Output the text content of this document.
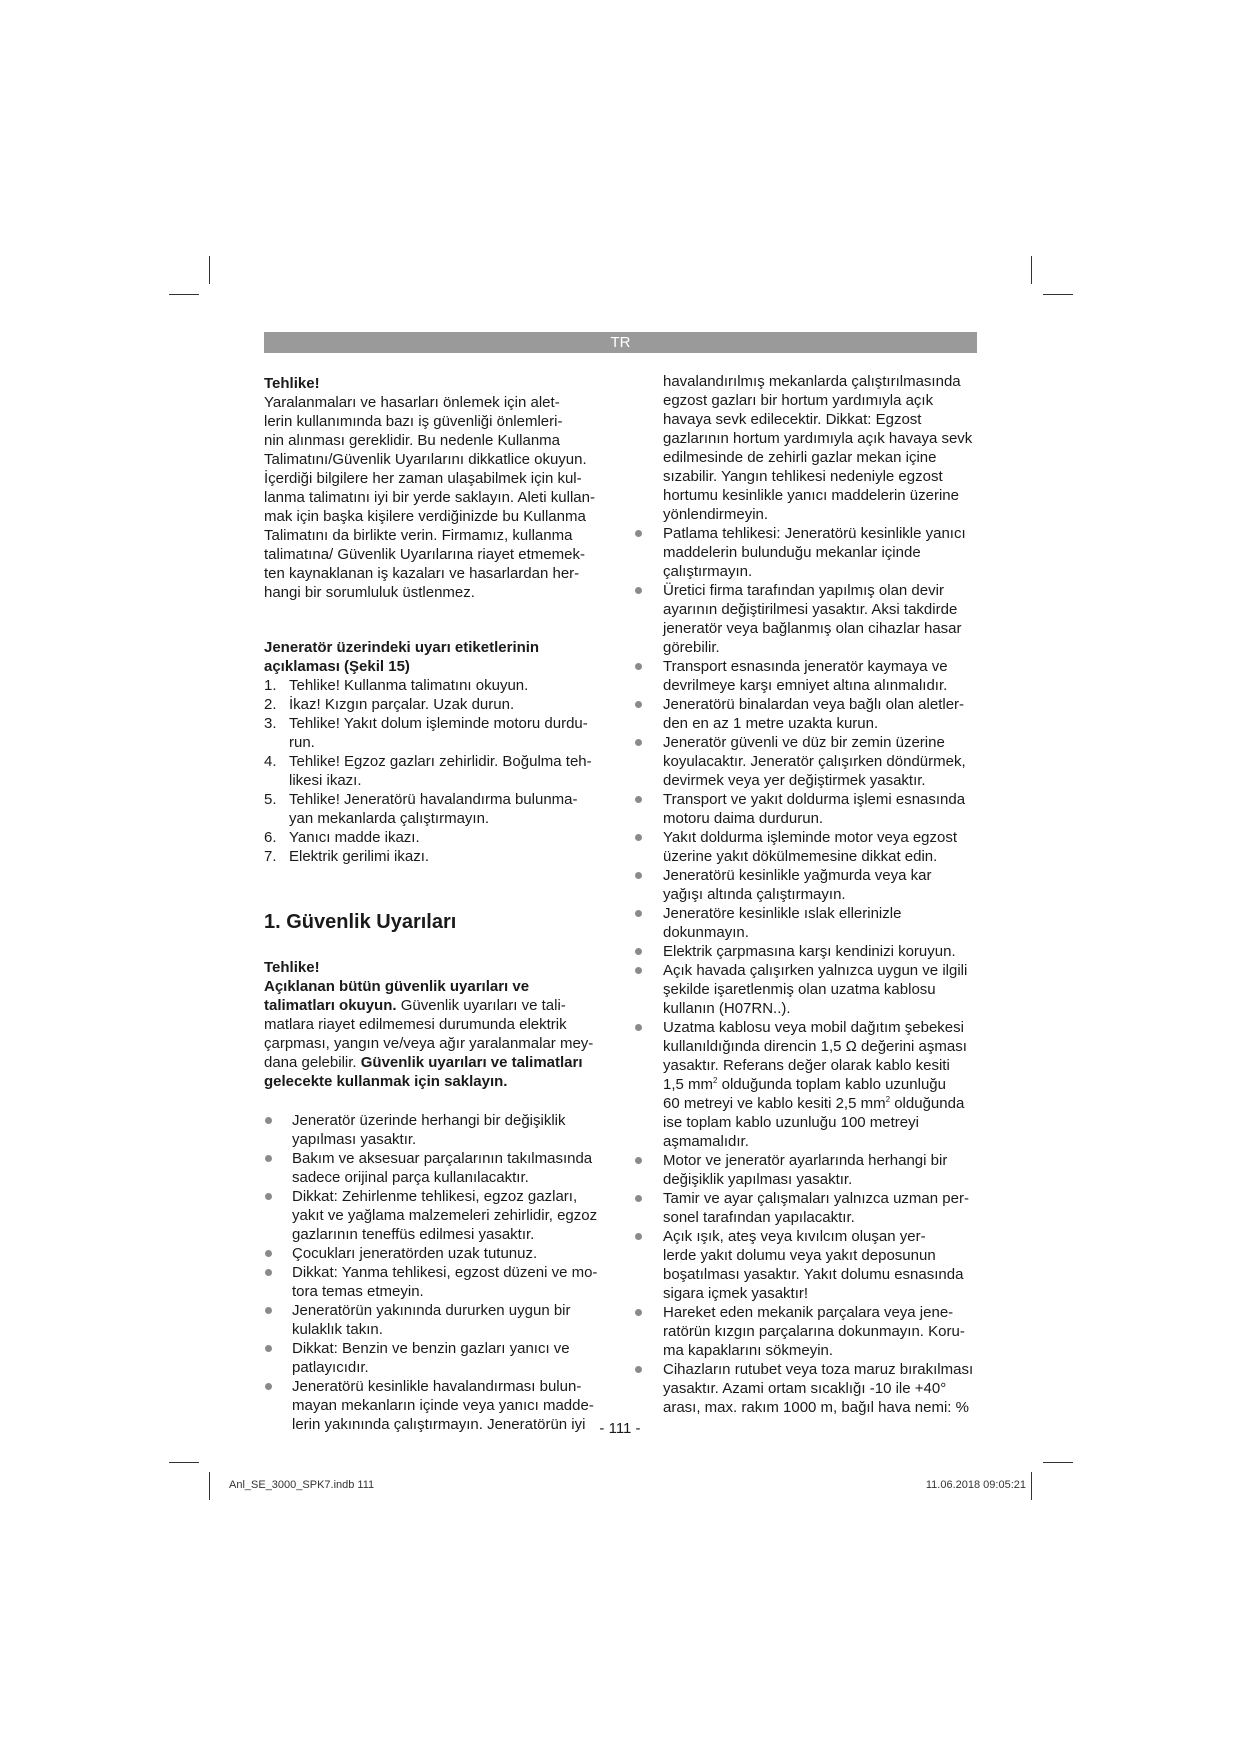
TR

Tehlike!

Yaralanmaları ve hasarları önlemek için alet-
lerin kullanımında bazı iş güvenliği önlemleri-
nin alınması gereklidir. Bu nedenle Kullanma
Talimatını/Güvenlik Uyarılarını dikkatlice okuyun.
İçerdiği bilgilere her zaman ulaşabilmek için kul-
lanma talimatını iyi bir yerde saklayın. Aleti kullan-
mak için başka kişilere verdiğinizde bu Kullanma
Talimatını da birlikte verin. Firmamız, kullanma
talimatına/ Güvenlik Uyarılarına riayet etmemek-
ten kaynaklanan iş kazaları ve hasarlardan her-
hangi bir sorumluluk üstlenmez.
Jeneratör üzerindeki uyarı etiketlerinin
açıklaması (Şekil 15)
1. Tehlike! Kullanma talimatını okuyun.
2. İkaz! Kızgın parçalar. Uzak durun.
3. Tehlike! Yakıt dolum işleminde motoru durdu-
run.
4. Tehlike! Egzoz gazları zehirlidir. Boğulma teh-
likesi ikazı.
5. Tehlike! Jeneratörü havalandırma bulunma-
yan mekanlarda çalıştırmayın.
6. Yanıcı madde ikazı.
7. Elektrik gerilimi ikazı.
1. Güvenlik Uyarıları

Tehlike!

Açıklanan bütün güvenlik uyarıları ve
talimatları okuyun. Güvenlik uyarıları ve tali-
matlara riayet edilmemesi durumunda elektrik
çarpması, yangın ve/veya ağır yaralanmalar mey-
dana gelebilir. Güvenlik uyarıları ve talimatları
gelecekte kullanmak için saklayın.
Jeneratör üzerinde herhangi bir değişiklik
yapılması yasaktır.
Bakım ve aksesuar parçalarının takılmasında
sadece orijinal parça kullanılacaktır.
Dikkat: Zehirlenme tehlikesi, egzoz gazları,
yakıt ve yağlama malzemeleri zehirlidir, egzoz
gazlarının teneffüs edilmesi yasaktır.
Çocukları jeneratörden uzak tutunuz.
Dikkat: Yanma tehlikesi, egzost düzeni ve mo-
tora temas etmeyin.
Jeneratörün yakınında dururken uygun bir
kulaklık takın.
Dikkat: Benzin ve benzin gazları yanıcı ve
patlayıcıdır.
Jeneratörü kesinlikle havalandırması bulun-
mayan mekanların içinde veya yanıcı madde-
lerin yakınında çalıştırmayın. Jeneratörün iyi
havalandırılmış mekanlarda çalıştırılmasında
egzost gazları bir hortum yardımıyla açık
havaya sevk edilecektir. Dikkat: Egzost
gazlarının hortum yardımıyla açık havaya sevk
edilmesinde de zehirli gazlar mekan içine
sızabilir. Yangın tehlikesi nedeniyle egzost
hortumu kesinlikle yanıcı maddelerin üzerine
yönlendirmeyin.
Patlama tehlikesi: Jeneratörü kesinlikle yanıcı
maddelerin bulunduğu mekanlar içinde
çalıştırmayın.
Üretici firma tarafından yapılmış olan devir
ayarının değiştirilmesi yasaktır. Aksi takdirde
jeneratör veya bağlanmış olan cihazlar hasar
görebilir.
Transport esnasında jeneratör kaymaya ve
devrilmeye karşı emniyet altına alınmalıdır.
Jeneratörü binalardan veya bağlı olan aletler-
den en az 1 metre uzakta kurun.
Jeneratör güvenli ve düz bir zemin üzerine
koyulacaktır. Jeneratör çalışırken döndürmek,
devirmek veya yer değiştirmek yasaktır.
Transport ve yakıt doldurma işlemi esnasında
motoru daima durdurun.
Yakıt doldurma işleminde motor veya egzost
üzerine yakıt dökülmemesine dikkat edin.
Jeneratörü kesinlikle yağmurda veya kar
yağışı altında çalıştırmayın.
Jeneratöre kesinlikle ıslak ellerinizle
dokunmayın.
Elektrik çarpmasına karşı kendinizi koruyun.
Açık havada çalışırken yalnızca uygun ve ilgili
şekilde işaretlenmiş olan uzatma kablosu
kullanın (H07RN..).
Uzatma kablosu veya mobil dağıtım şebekesi
kullanıldığında direncin 1,5 Ω değerini aşması
yasaktır. Referans değer olarak kablo kesiti
1,5 $mm^2$ olduğunda toplam kablo uzunluğu
60 metreyi ve kablo kesiti 2,5 $mm^2$ olduğunda
ise toplam kablo uzunluğu 100 metreyi
aşmamalıdır.
Motor ve jeneratör ayarlarında herhangi bir
değişiklik yapılması yasaktır.
Tamir ve ayar çalışmaları yalnızca uzman per-
sonel tarafından yapılacaktır.
Açık ışık, ateş veya kıvılcım oluşan yer-
lerde yakıt dolumu veya yakıt deposunun
boşatılması yasaktır. Yakıt dolumu esnasında
sigara içmek yasaktır!
Hareket eden mekanik parçalara veya jene-
ratörün kızgın parçalarına dokunmayın. Koru-
ma kapaklarını sökmeyin.
Cihazların rutubet veya toza maruz bırakılması
yasaktır. Azami ortam sıcaklığı -10 ile +40°
arası, max. rakım 1000 m, bağıl hava nemi: %
- 111 -
Anl_SE_3000_SPK7.indb 111	11.06.2018 09:05:21
